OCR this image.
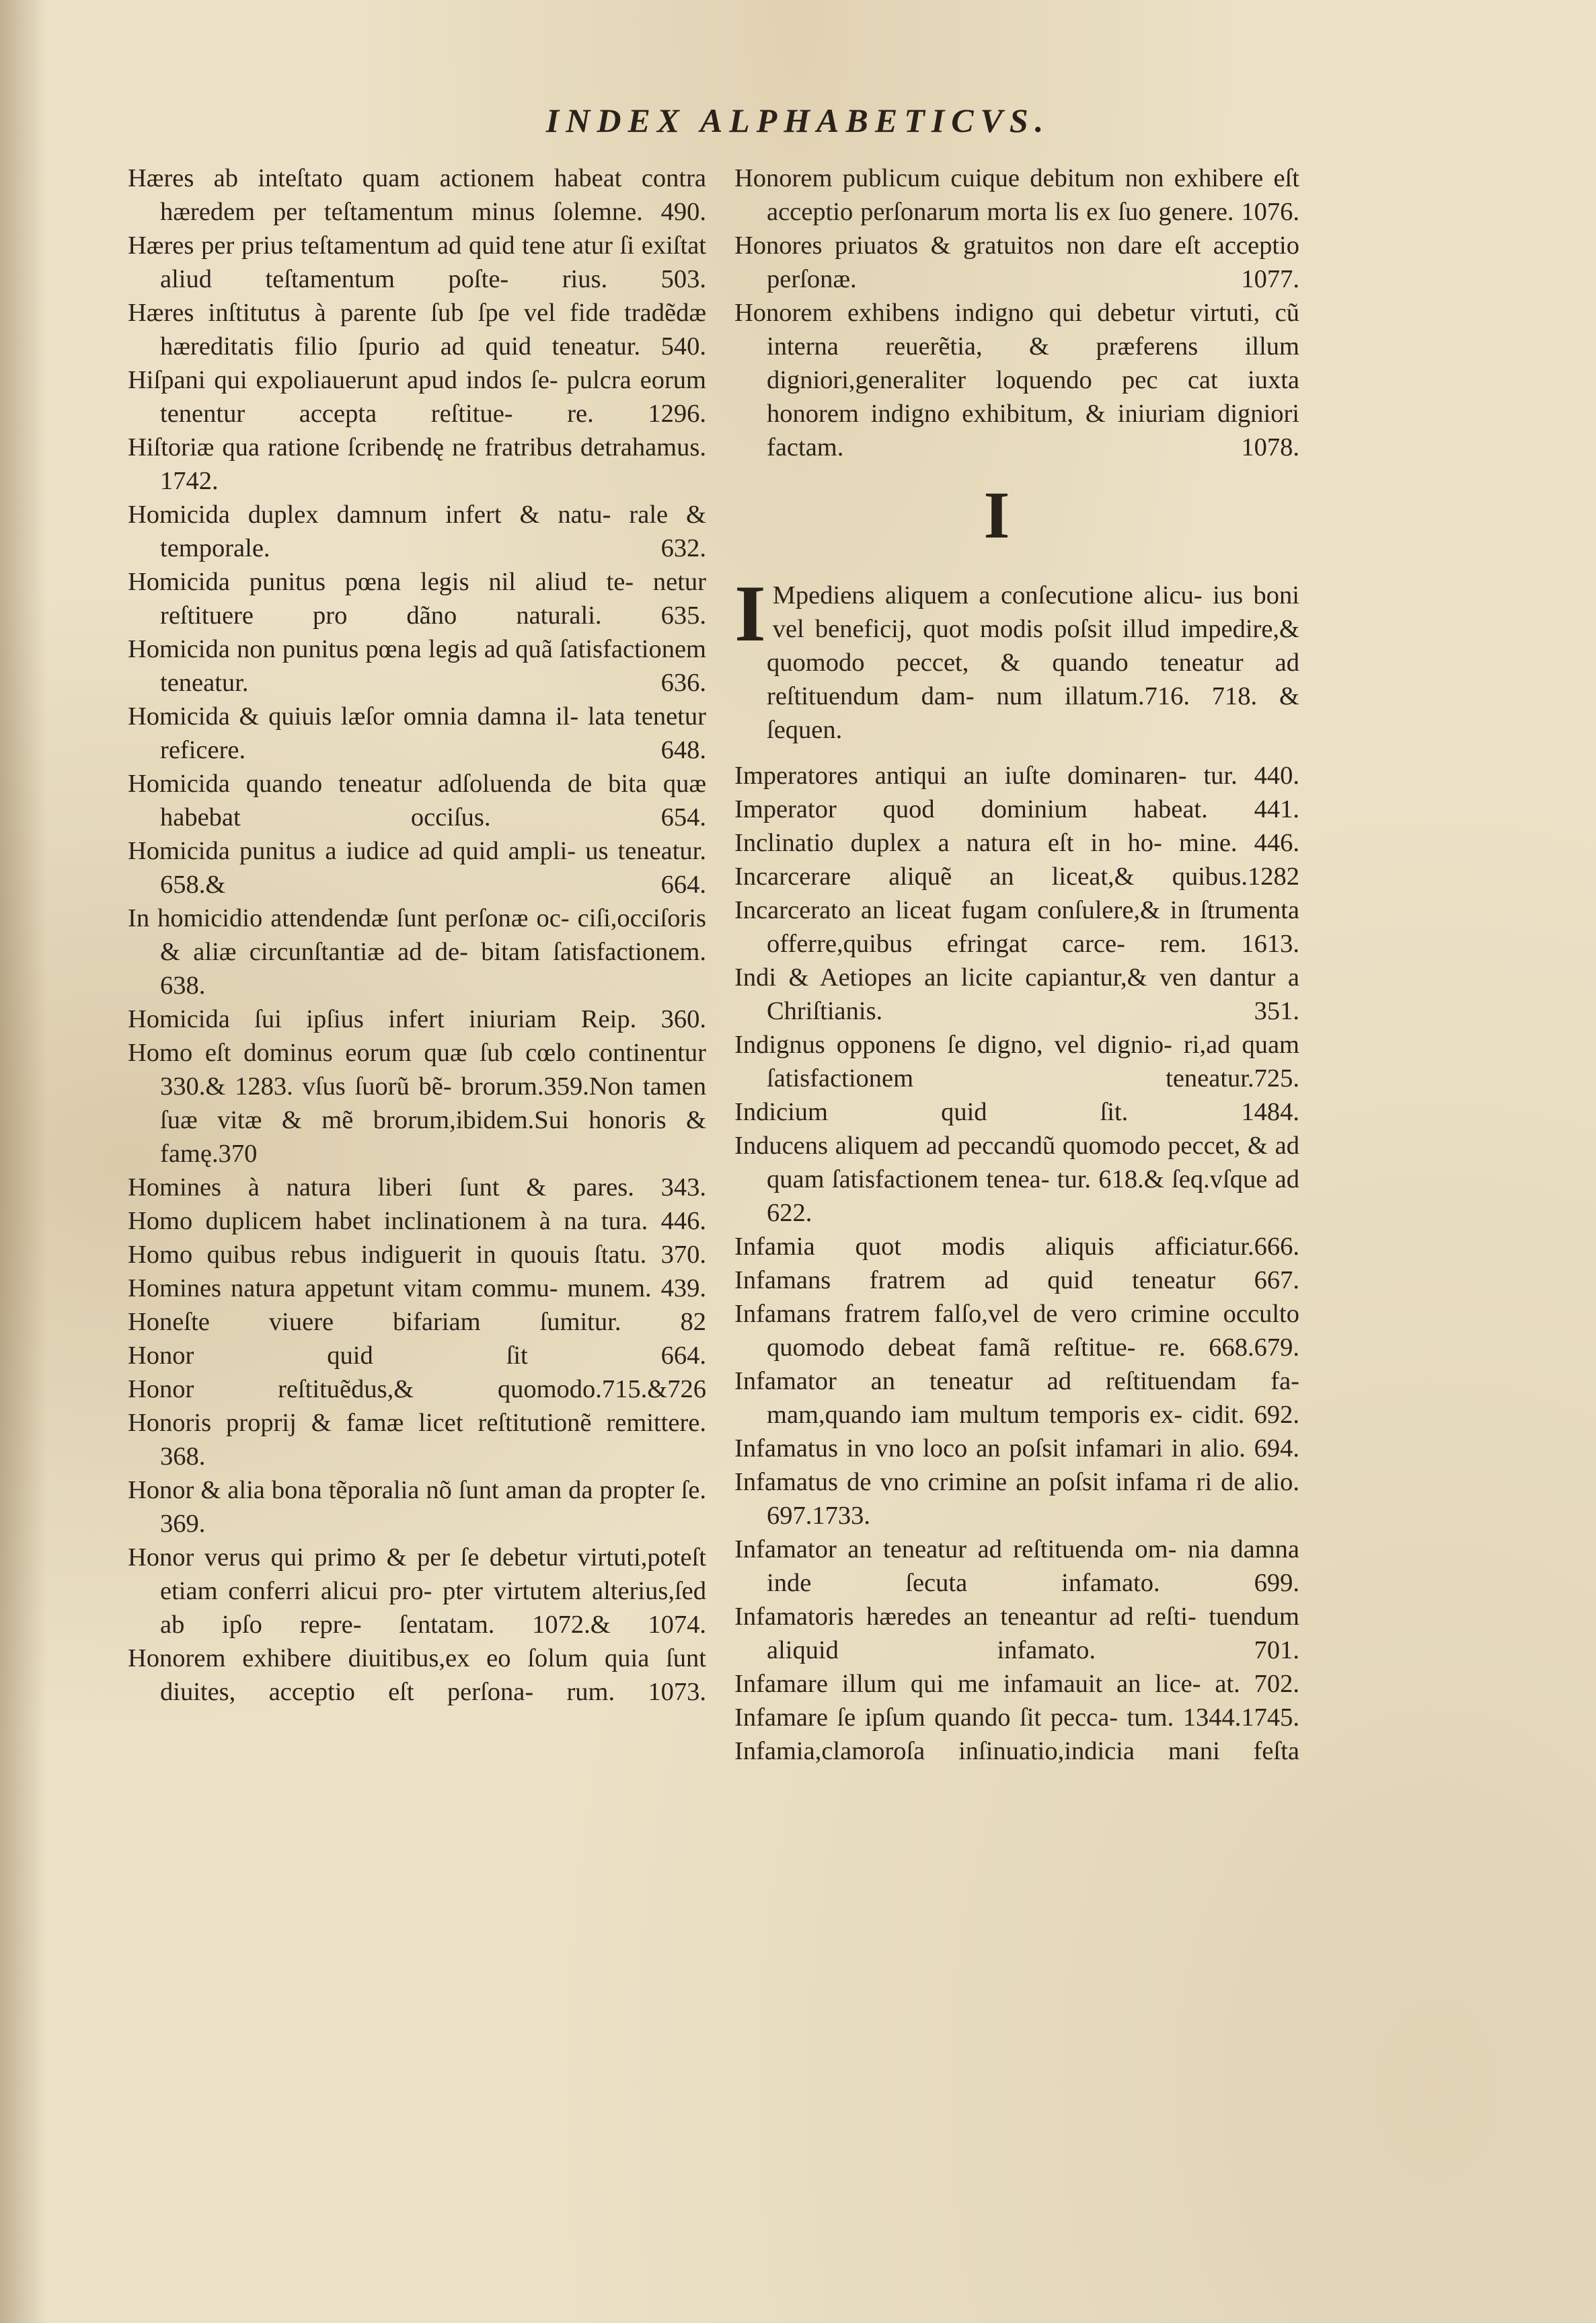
INDEX ALPHABETICVS.
Hæres ab inteſtato quam actionem habeat contra hæredem per teſtamentum minus ſolemne. 490.
Hæres per prius teſtamentum ad quid tene atur ſi exiſtat aliud teſtamentum poſte- rius. 503.
Hæres inſtitutus à parente ſub ſpe vel fide tradẽdæ hæreditatis filio ſpurio ad quid teneatur. 540.
Hiſpani qui expoliauerunt apud indos ſe- pulcra eorum tenentur accepta reſtitue- re. 1296.
Hiſtoriæ qua ratione ſcribendę ne fratribus detrahamus. 1742.
Homicida duplex damnum infert & natu- rale & temporale. 632.
Homicida punitus pœna legis nil aliud te- netur reſtituere pro dãno naturali. 635.
Homicida non punitus pœna legis ad quã ſatisfactionem teneatur. 636.
Homicida & quiuis læſor omnia damna il- lata tenetur reficere. 648.
Homicida quando teneatur adſoluenda de bita quæ habebat occiſus. 654.
Homicida punitus a iudice ad quid ampli- us teneatur. 658.& 664.
In homicidio attendendæ ſunt perſonæ oc- ciſi,occiſoris & aliæ circunſtantiæ ad de- bitam ſatisfactionem. 638.
Homicida ſui ipſius infert iniuriam Reip. 360.
Homo eſt dominus eorum quæ ſub cœlo continentur 330.& 1283. vſus ſuorũ bẽ- brorum.359.Non tamen ſuæ vitæ & mẽ brorum,ibidem.Sui honoris & famę.370
Homines à natura liberi ſunt & pares. 343.
Homo duplicem habet inclinationem à na tura. 446.
Homo quibus rebus indiguerit in quouis ſtatu. 370.
Homines natura appetunt vitam commu- munem. 439.
Honeſte viuere bifariam ſumitur. 82
Honor quid ſit 664.
Honor reſtituẽdus,& quomodo.715.&726
Honoris proprij & famæ licet reſtitutionẽ remittere. 368.
Honor & alia bona tẽporalia nõ ſunt aman da propter ſe. 369.
Honor verus qui primo & per ſe debetur virtuti,poteſt etiam conferri alicui pro- pter virtutem alterius,ſed ab ipſo repre- ſentatam. 1072.& 1074.
Honorem exhibere diuitibus,ex eo ſolum quia ſunt diuites, acceptio eſt perſona- rum. 1073.
Honorem publicum cuique debitum non exhibere eſt acceptio perſonarum morta lis ex ſuo genere. 1076.
Honores priuatos & gratuitos non dare eſt acceptio perſonæ. 1077.
Honorem exhibens indigno qui debetur virtuti, cũ interna reuerẽtia, & præferens illum digniori,generaliter loquendo pec cat iuxta honorem indigno exhibitum, & iniuriam digniori factam. 1078.
I
I Mpediens aliquem a conſecutione alicu- ius boni vel beneficij, quot modis poſsit illud impedire,& quomodo peccet, & quando teneatur ad reſtituendum dam- num illatum.716. 718. & ſequen.
Imperatores antiqui an iuſte dominaren- tur. 440.
Imperator quod dominium habeat. 441.
Inclinatio duplex a natura eſt in ho- mine. 446.
Incarcerare aliquẽ an liceat,& quibus.1282
Incarcerato an liceat fugam conſulere,& in ſtrumenta offerre,quibus efringat carce- rem. 1613.
Indi & Aetiopes an licite capiantur,& ven dantur a Chriſtianis. 351.
Indignus opponens ſe digno, vel dignio- ri,ad quam ſatisfactionem teneatur.725.
Indicium quid ſit. 1484.
Inducens aliquem ad peccandũ quomodo peccet, & ad quam ſatisfactionem tenea- tur. 618.& ſeq.vſque ad 622.
Infamia quot modis aliquis afficiatur.666.
Infamans fratrem ad quid teneatur 667.
Infamans fratrem falſo,vel de vero crimine occulto quomodo debeat famã reſtitue- re. 668.679.
Infamator an teneatur ad reſtituendam fa- mam,quando iam multum temporis ex- cidit. 692.
Infamatus in vno loco an poſsit infamari in alio. 694.
Infamatus de vno crimine an poſsit infama ri de alio. 697.1733.
Infamator an teneatur ad reſtituenda om- nia damna inde ſecuta infamato. 699.
Infamatoris hæredes an teneantur ad reſti- tuendum aliquid infamato. 701.
Infamare illum qui me infamauit an lice- at. 702.
Infamare ſe ipſum quando ſit pecca- tum. 1344.1745.
Infamia,clamoroſa inſinuatio,indicia mani feſta
